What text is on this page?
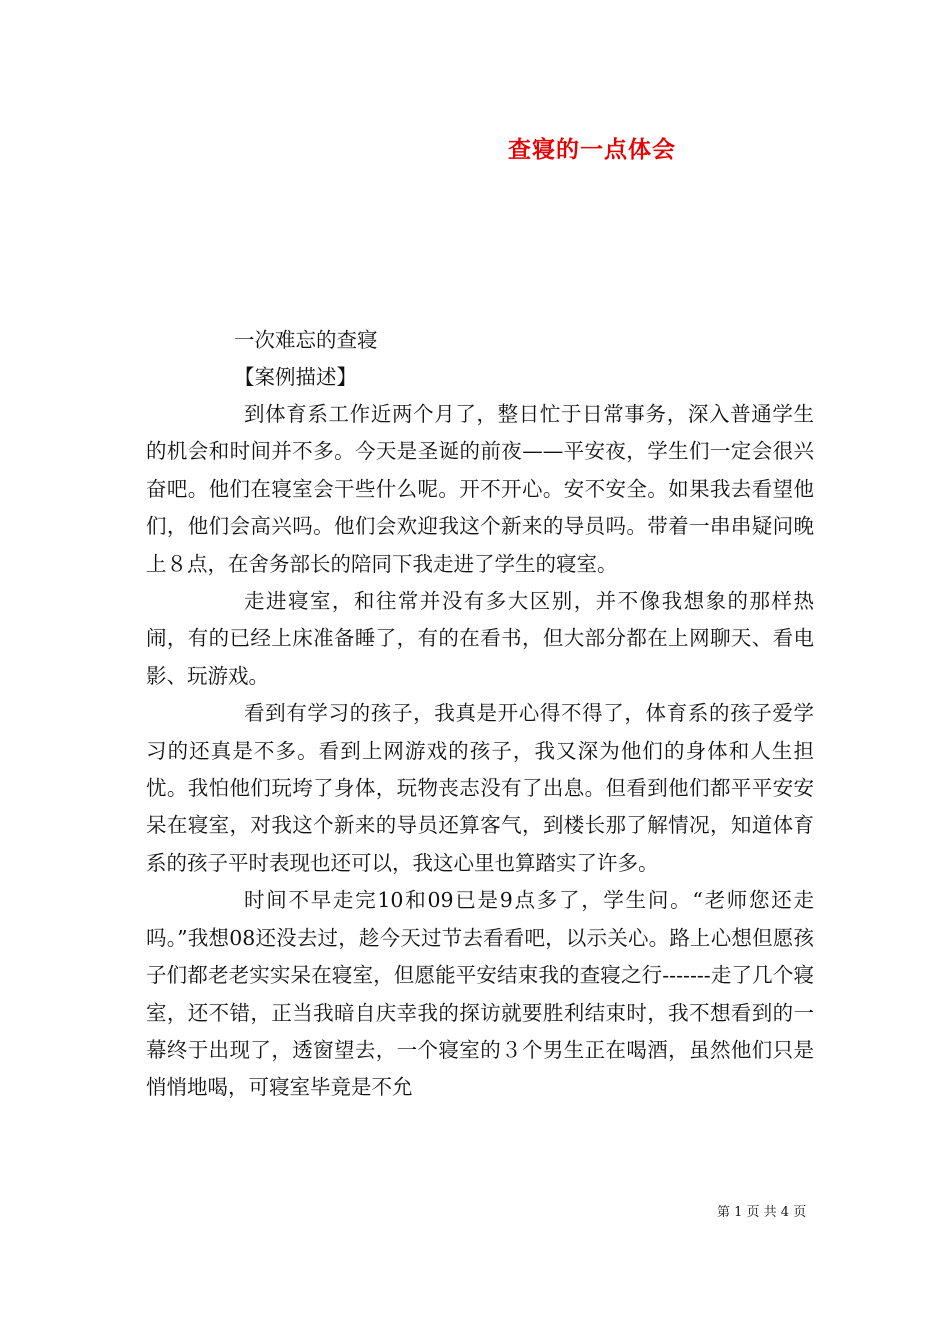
查寝的一点体会
一次难忘的查寝
【案例描述】

到体育系工作近两个月了，整日忙于日常事务，深入普通学生的机会和时间并不多。今天是圣诞的前夜——平安夜，学生们一定会很兴奋吧。他们在寝室会干些什么呢。开不开心。安不安全。如果我去看望他们，他们会高兴吗。他们会欢迎我这个新来的导员吗。带着一串串疑问晚上８点，在舍务部长的陪同下我走进了学生的寝室。

走进寝室，和往常并没有多大区别，并不像我想象的那样热闹，有的已经上床准备睡了，有的在看书，但大部分都在上网聊天、看电影、玩游戏。

看到有学习的孩子，我真是开心得不得了，体育系的孩子爱学习的还真是不多。看到上网游戏的孩子，我又深为他们的身体和人生担忧。我怕他们玩垮了身体，玩物丧志没有了出息。但看到他们都平平安安呆在寝室，对我这个新来的导员还算客气，到楼长那了解情况，知道体育系的孩子平时表现也还可以，我这心里也算踏实了许多。

时间不早走完10和09已是9点多了，学生问。“老师您还走吗。”我想08还没去过，趁今天过节去看看吧，以示关心。路上心想但愿孩子们都老老实实呆在寝室，但愿能平安结束我的查寝之行-------走了几个寝室，还不错，正当我暗自庆幸我的探访就要胜利结束时，我不想看到的一幕终于出现了，透窗望去，一个寝室的３个男生正在喝酒，虽然他们只是悄悄地喝，可寝室毕竟是不允

第 1 页 共 4 页
